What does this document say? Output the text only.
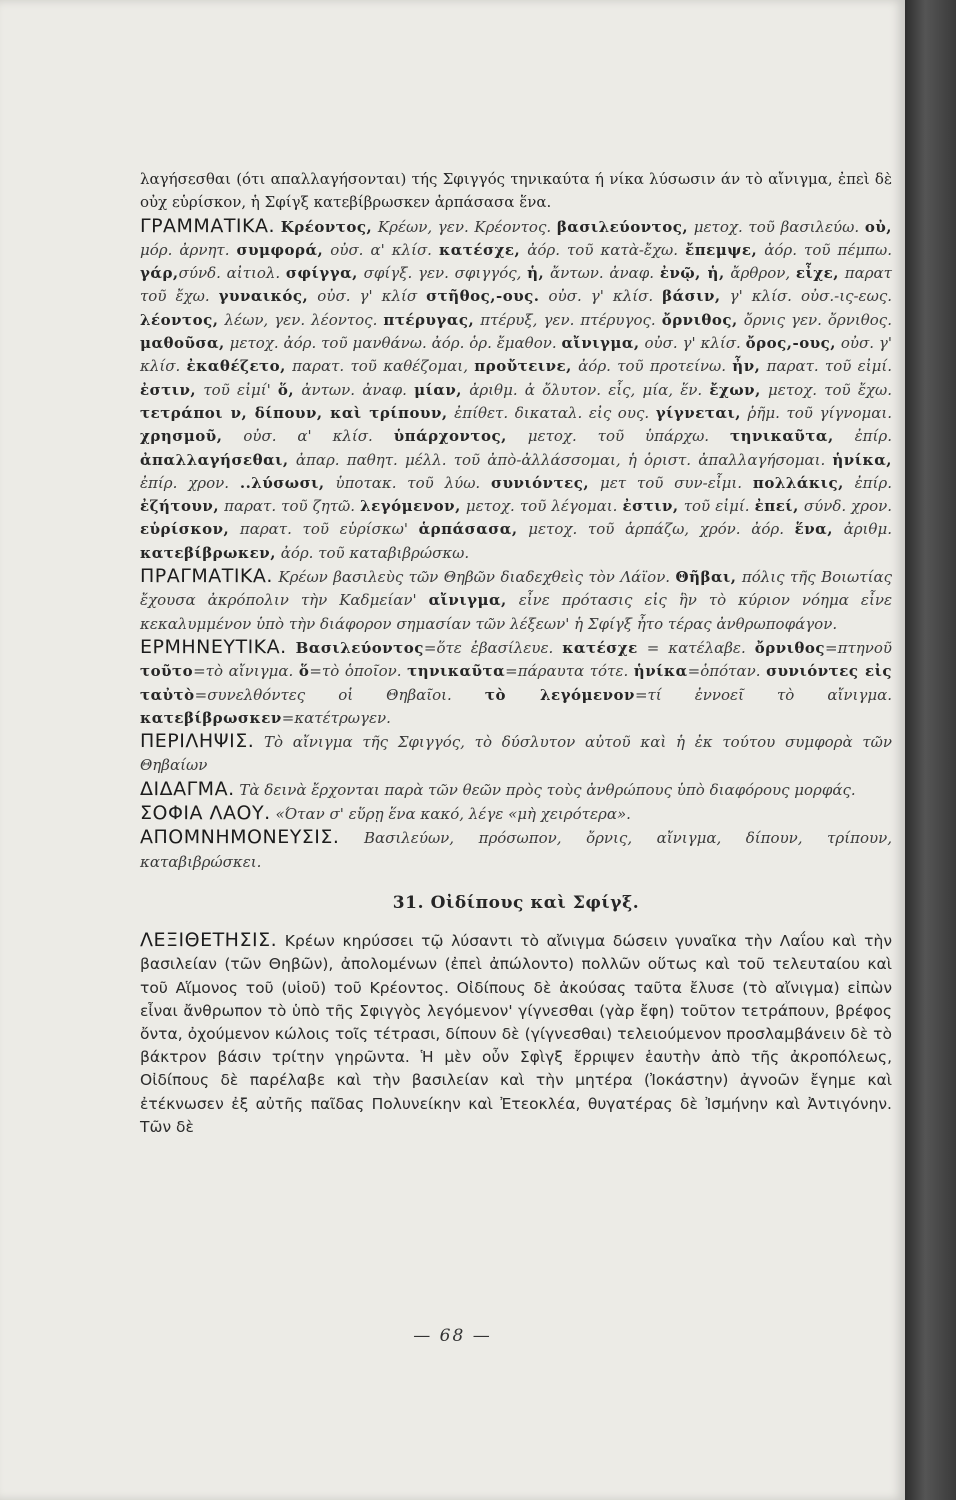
λαγήσεσθαι (ότι απαλλαγήσονται) τής Σφιγγός τηνικαύτα ή νίκα λύσωσιν άν τὸ αἴνιγμα, ἐπεὶ δὲ οὐχ εὑρίσκον, ἡ Σφίγξ κατεβίβρωσκεν ἁρπάσασα ἕνα.

ΓΡΑΜΜΑΤΙΚΑ. Κρέοντος, Κρέων, γεν. Κρέοντος. βασιλεύοντος, μετοχ. τοῦ βασιλεύω. οὐ, μόρ. ἀρνητ. συμφορά, οὐσ. α' κλίσ. κατέσχε, ἀόρ. τοῦ κατὰ-ἔχω. ἔπεμψε, ἀόρ. τοῦ πέμπω. γάρ,σύνδ. αἰτιολ. σφίγγα, σφίγξ. γεν. σφιγγός, ἡ, ἄντων. ἀναφ. ἐνῷ, ἡ, ἄρθρον, εἶχε, παρατ τοῦ ἔχω. γυναικός, οὐσ. γ' κλίσ στῆθος,-ους. οὐσ. γ' κλίσ. βάσιν, γ' κλίσ. οὐσ.-ις-εως. λέοντος, λέων, γεν. λέοντος. πτέρυγας, πτέρυξ, γεν. πτέρυγος. ὄρνιθος, ὄρνις γεν. ὄρνιθος. μαθοῦσα, μετοχ. ἀόρ. τοῦ μανθάνω. ἀόρ. ὁρ. ἔμαθον. αἴνιγμα, οὐσ. γ' κλίσ. ὄρος,-ους, οὐσ. γ' κλίσ. ἐκαθέζετο, παρατ. τοῦ καθέζομαι, προὔτεινε, ἀόρ. τοῦ προτείνω. ἦν, παρατ. τοῦ εἰμί. ἐστιν, τοῦ εἰμί' ὅ, ἀντων. ἀναφ. μίαν, ἀριθμ. ἀ ὄλυτον. εἷς, μία, ἕν. ἔχων, μετοχ. τοῦ ἔχω. τετράποι ν, δίπουν, καὶ τρίπουν, ἐπίθετ. δικαταλ. εἰς ους. γίγνεται, ῥῆμ. τοῦ γίγνομαι. χρησμοῦ, οὐσ. α' κλίσ. ὑπάρχοντος, μετοχ. τοῦ ὑπάρχω. τηνικαῦτα, ἐπίρ. ἀπαλλαγήσεθαι, ἀπαρ. παθητ. μέλλ. τοῦ ἀπὸ-ἀλλάσσομαι, ἡ ὁριστ. ἀπαλλαγήσομαι. ἡνίκα, ἐπίρ. χρον. ..λύσωσι, ὑποτακ. τοῦ λύω. συνιόντες, μετ τοῦ συν-εἶμι. πολλάκις, ἐπίρ. ἐζήτουν, παρατ. τοῦ ζητῶ. λεγόμενον, μετοχ. τοῦ λέγομαι. ἐστιν, τοῦ εἰμί. ἐπεί, σύνδ. χρον. εὑρίσκον, παρατ. τοῦ εὑρίσκω' ἁρπάσασα, μετοχ. τοῦ ἁρπάζω, χρόν. ἀόρ. ἕνα, ἀριθμ. κατεβίβρωκεν, ἀόρ. τοῦ καταβιβρώσκω.

ΠΡΑΓΜΑΤΙΚΑ. Κρέων βασιλεὺς τῶν Θηβῶν διαδεχθεὶς τὸν Λάϊον. Θῆβαι, πόλις τῆς Βοιωτίας ἔχουσα ἀκρόπολιν τὴν Καδμείαν' αἴνιγμα, εἶνε πρότασις εἰς ἣν τὸ κύριον νόημα εἶνε κεκαλυμμένον ὑπὸ τὴν διάφορον σημασίαν τῶν λέξεων' ἡ Σφίγξ ἦτο τέρας ἀνθρωποφάγον.

ΕΡΜΗΝΕΥΤΙΚΑ. Βασιλεύοντος=ὅτε ἐβασίλευε. κατέσχε = κατέλαβε. ὄρνιθος=πτηνοῦ τοῦτο=τὸ αἴνιγμα. ὅ=τὸ ὁποῖον. τηνικαῦτα=πάραυτα τότε. ἡνίκα=ὁπόταν. συνιόντες εἰς ταὐτὸ=συνελθόντες οἱ Θηβαῖοι. τὸ λεγόμενον=τί ἐννοεῖ τὸ αἴνιγμα. κατεβίβρωσκεν=κατέτρωγεν.

ΠΕΡΙΛΗΨΙΣ. Τὸ αἴνιγμα τῆς Σφιγγός, τὸ δύσλυτον αὐτοῦ καὶ ἡ ἐκ τούτου συμφορὰ τῶν Θηβαίων

ΔΙΔΑΓΜΑ. Τὰ δεινὰ ἔρχονται παρὰ τῶν θεῶν πρὸς τοὺς ἀνθρώπους ὑπὸ διαφόρους μορφάς.

ΣΟΦΙΑ ΛΑΟΥ. «Όταν σ' εὕρῃ ἕνα κακό, λέγε «μὴ χειρότερα».

ΑΠΟΜΝΗΜΟΝΕΥΣΙΣ. Βασιλεύων, πρόσωπον, ὄρνις, αἴνιγμα, δίπουν, τρίπουν, καταβιβρώσκει.

31. Οἰδίπους καὶ Σφίγξ.

ΛΕΞΙΘΕΤΗΣΙΣ. Κρέων κηρύσσει τῷ λύσαντι τὸ αἴνιγμα δώσειν γυναῖκα τὴν Λαΐου καὶ τὴν βασιλείαν (τῶν Θηβῶν), ἀπολομένων (ἐπεὶ ἀπώλοντο) πολλῶν οὕτως καὶ τοῦ τελευταίου καὶ τοῦ Αἵμονος τοῦ (υἱοῦ) τοῦ Κρέοντος. Οἰδίπους δὲ ἀκούσας ταῦτα ἔλυσε (τὸ αἴνιγμα) εἰπὼν εἶναι ἄνθρωπον τὸ ὑπὸ τῆς Σφιγγὸς λεγόμενον' γίγνεσθαι (γὰρ ἔφη) τοῦτον τετράπουν, βρέφος ὄντα, ὀχούμενον κώλοις τοῖς τέτρασι, δίπουν δὲ (γίγνεσθαι) τελειούμενον προσλαμβάνειν δὲ τὸ βάκτρον βάσιν τρίτην γηρῶντα. Ἡ μὲν οὖν Σφὶγξ ἔρριψεν ἑαυτὴν ἀπὸ τῆς ἀκροπόλεως, Οἰδίπους δὲ παρέλαβε καὶ τὴν βασιλείαν καὶ τὴν μητέρα (Ἰοκάστην) ἀγνοῶν ἔγημε καὶ ἐτέκνωσεν ἐξ αὐτῆς παῖδας Πολυνείκην καὶ Ἐτεοκλέα, θυγατέρας δὲ Ἰσμήνην καὶ Ἀντιγόνην. Τῶν δὲ

— 68 —
